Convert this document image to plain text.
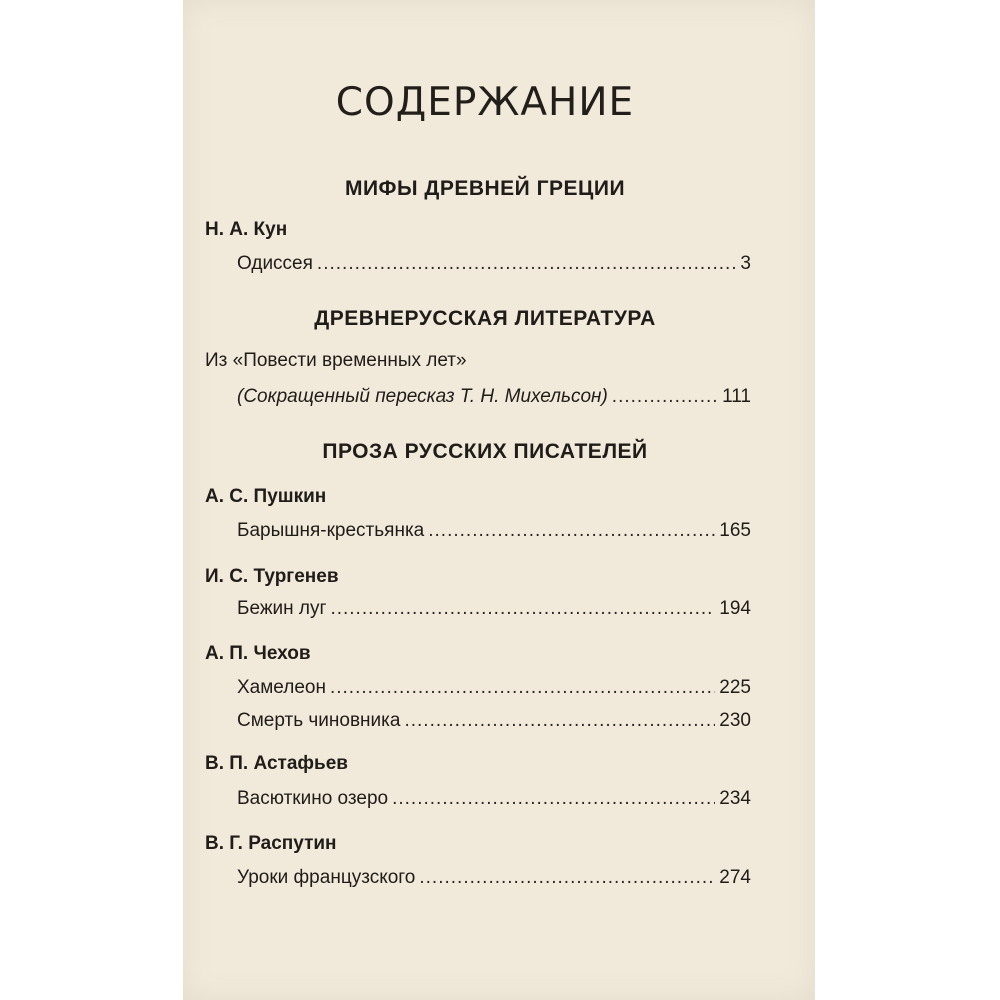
СОДЕРЖАНИЕ
МИФЫ ДРЕВНЕЙ ГРЕЦИИ
Н. А. Кун
Одиссея .....	3
ДРЕВНЕРУССКАЯ ЛИТЕРАТУРА
Из «Повести временных лет»
(Сокращенный пересказ Т. Н. Михельсон) .....	111
ПРОЗА РУССКИХ ПИСАТЕЛЕЙ
А. С. Пушкин
Барышня-крестьянка .....	165
И. С. Тургенев
Бежин луг .....	194
А. П. Чехов
Хамелеон .....	225
Смерть чиновника .....	230
В. П. Астафьев
Васюткино озеро .....	234
В. Г. Распутин
Уроки французского .....	274
